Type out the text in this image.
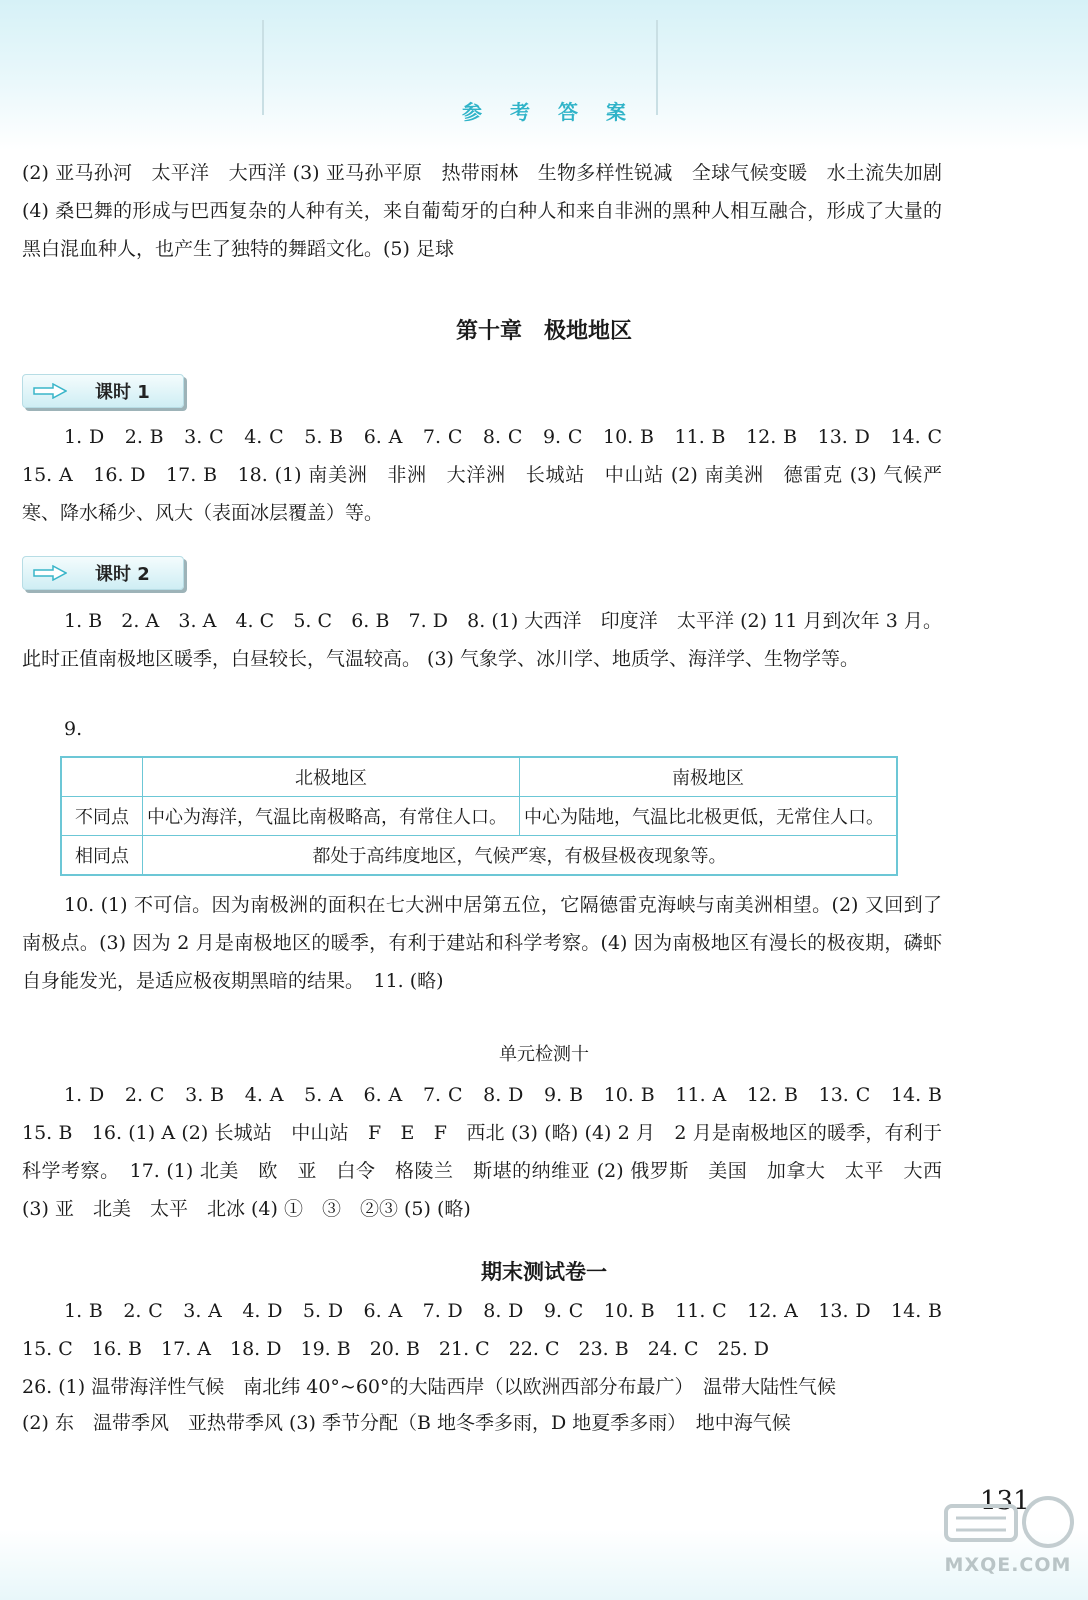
参考答案
(2) 亚马孙河　太平洋　大西洋 (3) 亚马孙平原　热带雨林　生物多样性锐减　全球气候变暖　水土流失加剧 (4) 桑巴舞的形成与巴西复杂的人种有关，来自葡萄牙的白种人和来自非洲的黑种人相互融合，形成了大量的黑白混血种人，也产生了独特的舞蹈文化。(5) 足球
第十章　极地地区
课时 1
1. D　2. B　3. C　4. C　5. B　6. A　7. C　8. C　9. C　10. B　11. B　12. B　13. D　14. C　15. A　16. D　17. B　18. (1) 南美洲　非洲　大洋洲　长城站　中山站 (2) 南美洲　德雷克 (3) 气候严寒、降水稀少、风大（表面冰层覆盖）等。
课时 2
1. B　2. A　3. A　4. C　5. C　6. B　7. D　8. (1) 大西洋　印度洋　太平洋 (2) 11 月到次年 3 月。此时正值南极地区暖季，白昼较长，气温较高。 (3) 气象学、冰川学、地质学、海洋学、生物学等。
9.
	北极地区	南极地区
不同点	中心为海洋，气温比南极略高，有常住人口。	中心为陆地，气温比北极更低，无常住人口。
相同点	都处于高纬度地区，气候严寒，有极昼极夜现象等。	
10. (1) 不可信。因为南极洲的面积在七大洲中居第五位，它隔德雷克海峡与南美洲相望。(2) 又回到了南极点。(3) 因为 2 月是南极地区的暖季，有利于建站和科学考察。(4) 因为南极地区有漫长的极夜期，磷虾自身能发光，是适应极夜期黑暗的结果。　11. (略)
单元检测十
1. D　2. C　3. B　4. A　5. A　6. A　7. C　8. D　9. B　10. B　11. A　12. B　13. C　14. B　15. B　16. (1) A (2) 长城站　中山站　F　E　F　西北 (3) (略) (4) 2 月　2 月是南极地区的暖季，有利于科学考察。　17. (1) 北美　欧　亚　白令　格陵兰　斯堪的纳维亚 (2) 俄罗斯　美国　加拿大　太平　大西 (3) 亚　北美　太平　北冰 (4) ①　③　②③ (5) (略)
期末测试卷一
1. B　2. C　3. A　4. D　5. D　6. A　7. D　8. D　9. C　10. B　11. C　12. A　13. D　14. B　15. C　16. B　17. A　18. D　19. B　20. B　21. C　22. C　23. B　24. C　25. D
26. (1) 温带海洋性气候　南北纬 40°~60°的大陆西岸（以欧洲西部分布最广）　温带大陆性气候
(2) 东　温带季风　亚热带季风 (3) 季节分配（B 地冬季多雨，D 地夏季多雨）　地中海气候
131
MXQE.COM
